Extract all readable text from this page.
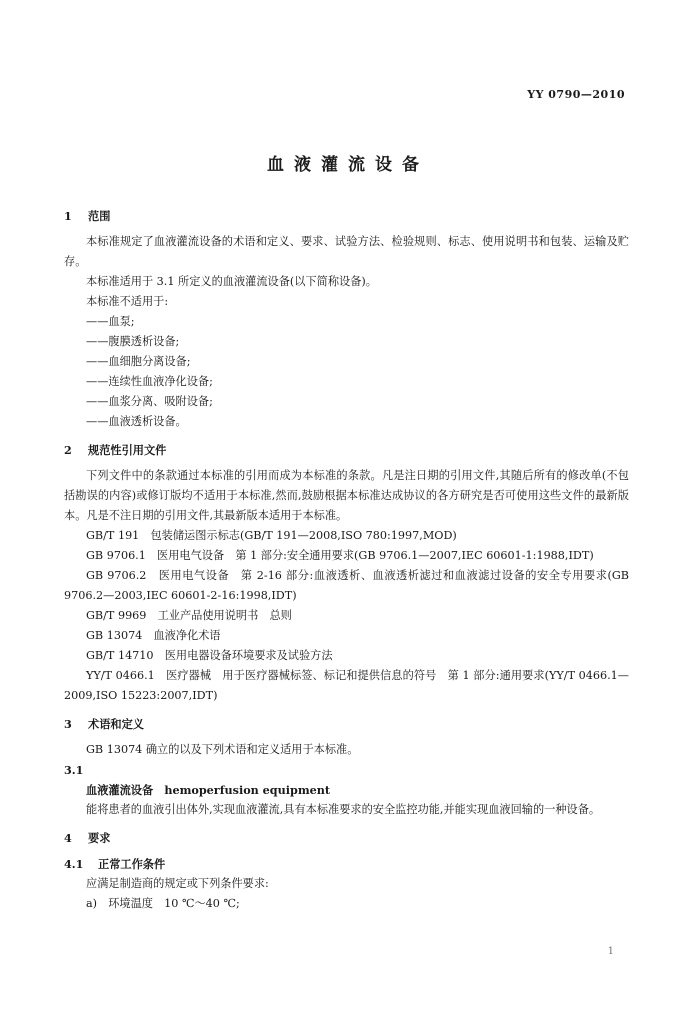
YY 0790—2010
血液灌流设备
1 范围
本标准规定了血液灌流设备的术语和定义、要求、试验方法、检验规则、标志、使用说明书和包装、运输及贮存。
本标准适用于 3.1 所定义的血液灌流设备(以下简称设备)。
本标准不适用于:
——血泵;
——腹膜透析设备;
——血细胞分离设备;
——连续性血液净化设备;
——血浆分离、吸附设备;
——血液透析设备。
2 规范性引用文件
下列文件中的条款通过本标准的引用而成为本标准的条款。凡是注日期的引用文件,其随后所有的修改单(不包括勘误的内容)或修订版均不适用于本标准,然而,鼓励根据本标准达成协议的各方研究是否可使用这些文件的最新版本。凡是不注日期的引用文件,其最新版本适用于本标准。
GB/T 191　包装储运图示标志(GB/T 191—2008,ISO 780:1997,MOD)
GB 9706.1　医用电气设备　第 1 部分:安全通用要求(GB 9706.1—2007,IEC 60601-1:1988,IDT)
GB 9706.2　医用电气设备　第 2-16 部分:血液透析、血液透析滤过和血液滤过设备的安全专用要求(GB 9706.2—2003,IEC 60601-2-16:1998,IDT)
GB/T 9969　工业产品使用说明书　总则
GB 13074　血液净化术语
GB/T 14710　医用电器设备环境要求及试验方法
YY/T 0466.1　医疗器械　用于医疗器械标签、标记和提供信息的符号　第 1 部分:通用要求(YY/T 0466.1—2009,ISO 15223:2007,IDT)
3 术语和定义
GB 13074 确立的以及下列术语和定义适用于本标准。
3.1
血液灌流设备　hemoperfusion equipment
能将患者的血液引出体外,实现血液灌流,具有本标准要求的安全监控功能,并能实现血液回输的一种设备。
4 要求
4.1 正常工作条件
应满足制造商的规定或下列条件要求:
a)　环境温度　10 ℃～40 ℃;
1
